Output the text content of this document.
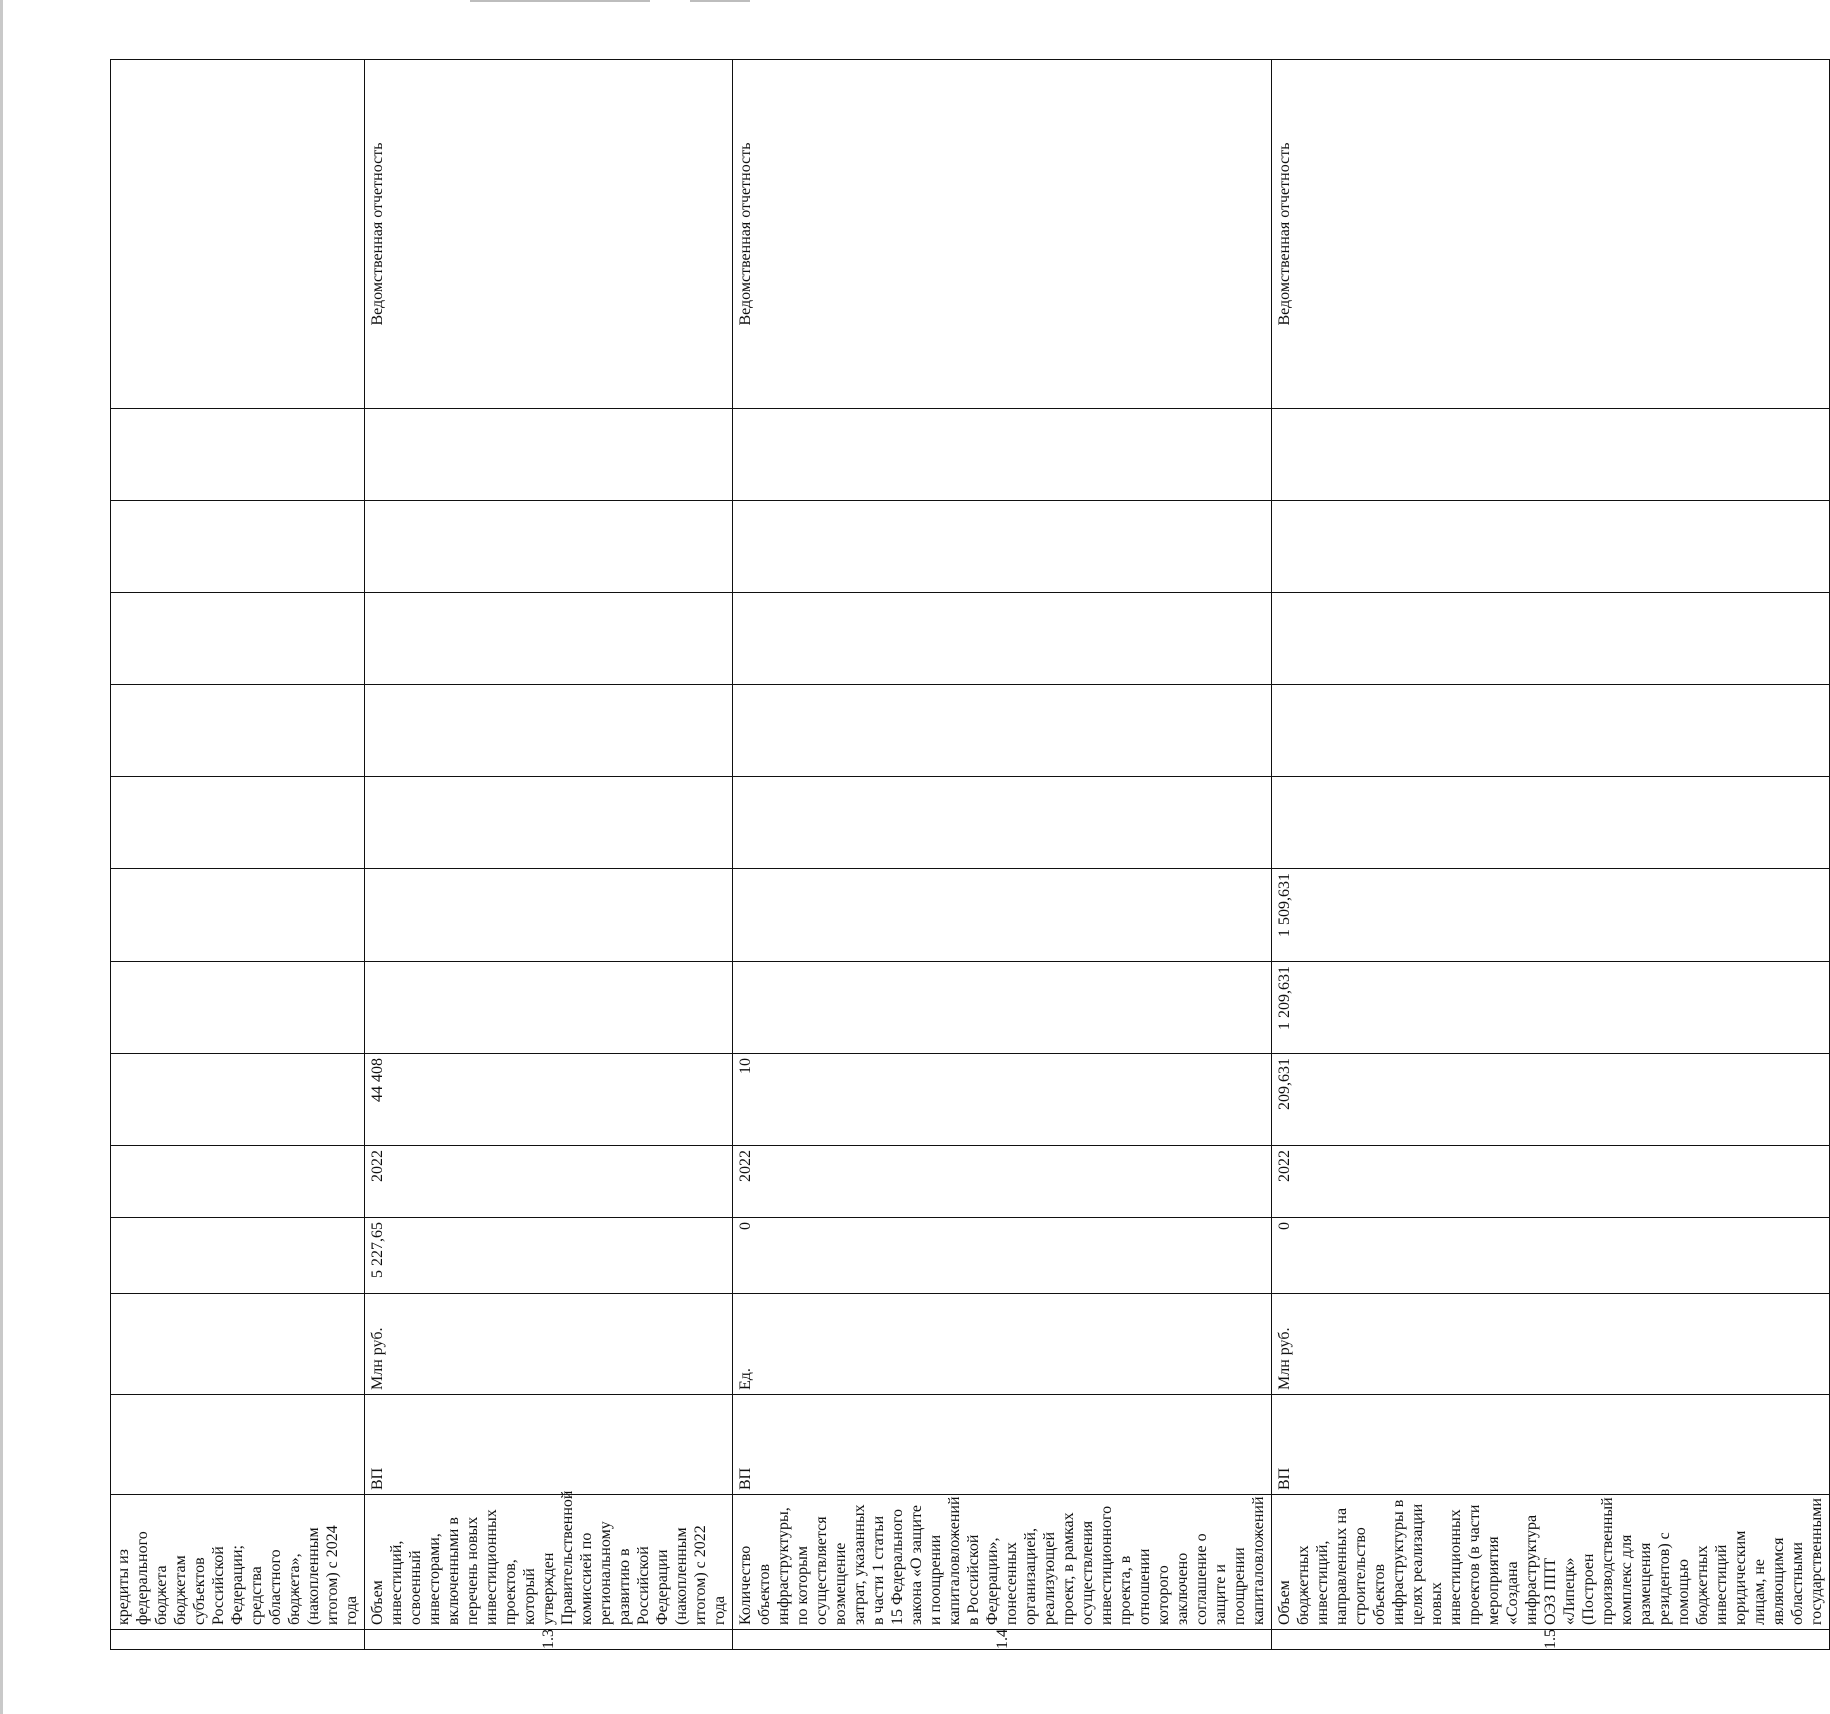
	кредиты из федерального бюджета бюджетам субъектов Российской Федерации; средства областного бюджета», (накопленным итогом) с 2024 года													
1.3	Объем инвестиций, освоенный инвесторами, включенными в перечень новых инвестиционных проектов, который утвержден Правительственной комиссией по региональному развитию в Российской Федерации (накопленным итогом) с 2022 года	ВП	Млн руб.	5 227,65	2022	44 408								Ведомственная отчетность
1.4	Количество объектов инфраструктуры, по которым осуществляется возмещение затрат, указанных в части 1 статьи 15 Федерального закона «О защите и поощрении капиталовложений в Российской Федерации», понесенных организацией, реализующей проект, в рамках осуществления инвестиционного проекта, в отношении которого заключено соглашение о защите и поощрении капиталовложений	ВП	Ед.	0	2022	10								Ведомственная отчетность
1.5	Объем бюджетных инвестиций, направленных на строительство объектов инфраструктуры в целях реализации новых инвестиционных проектов (в части мероприятия «Создана инфраструктура ОЭЗ ППТ «Липецк» (Построен производственный комплекс для размещения резидентов) с помощью бюджетных инвестиций юридическим лицам, не являющимся областными государственными	ВП	Млн руб.	0	2022	209,631	1 209,631	1 509,631						Ведомственная отчетность
